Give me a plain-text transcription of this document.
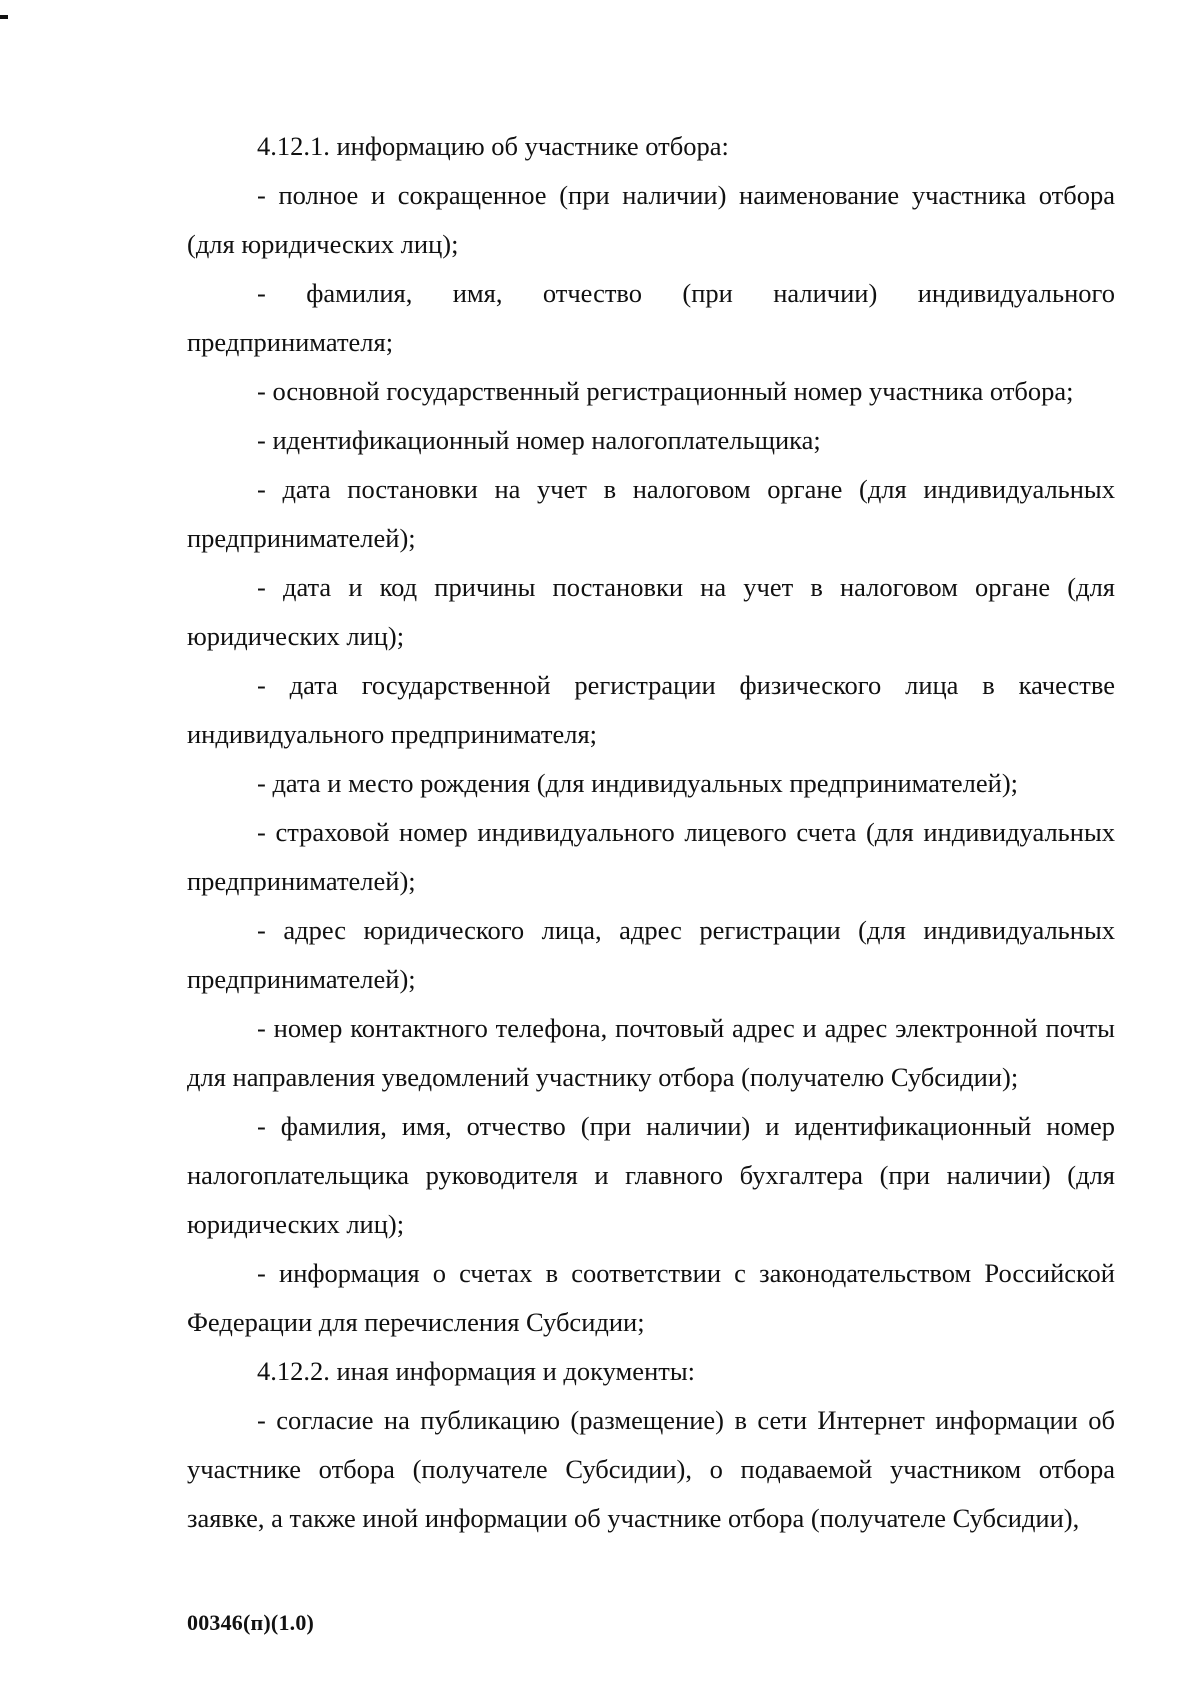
4.12.1. информацию об участнике отбора:

- полное и сокращенное (при наличии) наименование участника отбора (для юридических лиц);

- фамилия, имя, отчество (при наличии) индивидуального предпринимателя;

- основной государственный регистрационный номер участника отбора;

- идентификационный номер налогоплательщика;

- дата постановки на учет в налоговом органе (для индивидуальных предпринимателей);

- дата и код причины постановки на учет в налоговом органе (для юридических лиц);

- дата государственной регистрации физического лица в качестве индивидуального предпринимателя;

- дата и место рождения (для индивидуальных предпринимателей);

- страховой номер индивидуального лицевого счета (для индивидуальных предпринимателей);

- адрес юридического лица, адрес регистрации (для индивидуальных предпринимателей);

- номер контактного телефона, почтовый адрес и адрес электронной почты для направления уведомлений участнику отбора (получателю Субсидии);

- фамилия, имя, отчество (при наличии) и идентификационный номер налогоплательщика руководителя и главного бухгалтера (при наличии) (для юридических лиц);

- информация о счетах в соответствии с законодательством Российской Федерации для перечисления Субсидии;

4.12.2. иная информация и документы:

- согласие на публикацию (размещение) в сети Интернет информации об участнике отбора (получателе Субсидии), о подаваемой участником отбора заявке, а также иной информации об участнике отбора (получателе Субсидии),

00346(п)(1.0)
